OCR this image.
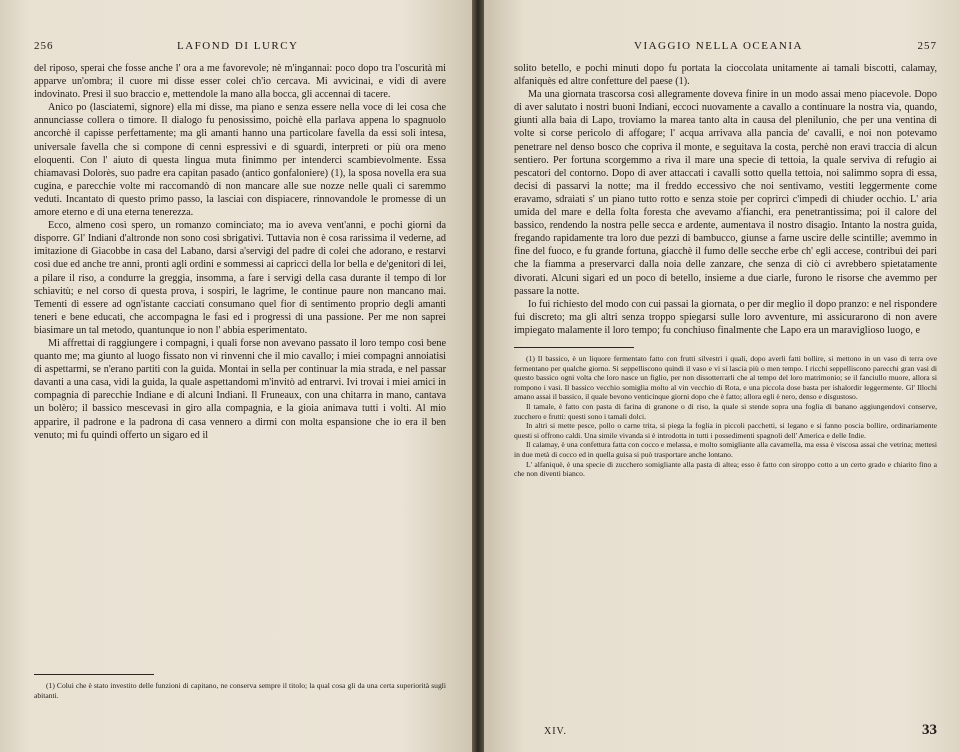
256	LAFOND DI LURCY

del riposo, sperai che fosse anche l' ora a me favorevole; nè m'ingannai: poco dopo tra l'oscurità mi apparve un'ombra; il cuore mi disse esser colei ch'io cercava. Mi avvicinai, e vidi di avere indovinato. Presi il suo braccio e, mettendole la mano alla bocca, gli accennai di tacere.

Anico po (lasciatemi, signore) ella mi disse, ma piano e senza essere nella voce di lei cosa che annunciasse collera o timore. Il dialogo fu penosissimo, poichè ella parlava appena lo spagnuolo ancorchè il capisse perfettamente; ma gli amanti hanno una particolare favella da essi soli intesa, universale favella che si compone di cenni espressivi e di sguardi, interpreti or più ora meno eloquenti. Con l' aiuto di questa lingua muta finimmo per intenderci scambievolmente. Essa chiamavasi Dolorès, suo padre era capitan pasado (antico gonfaloniere) (1), la sposa novella era sua cugina, e parecchie volte mi raccomandò di non mancare alle sue nozze nelle quali ci saremmo veduti. Incantato di questo primo passo, la lasciai con dispiacere, rinnovandole le promesse di un amore eterno e di una eterna tenerezza.

Ecco, almeno così spero, un romanzo cominciato; ma io aveva vent'anni, e pochi giorni da disporre. Gl' Indiani d'altronde non sono così sbrigativi. Tuttavia non è cosa rarissima il vederne, ad imitazione di Giacobbe in casa del Labano, darsi a'servigi del padre di colei che adorano, e restarvi così due ed anche tre anni, pronti agli ordini e sommessi ai capricci della lor bella e de'genitori di lei, a pilare il riso, a condurre la greggia, insomma, a fare i servigi della casa durante il tempo di lor schiavitù; e nel corso di questa prova, i sospiri, le lagrime, le continue paure non mancano mai. Tementi di essere ad ogn'istante cacciati consumano quel fior di sentimento proprio degli amanti teneri e bene educati, che accompagna le fasi ed i progressi di una passione. Per me non saprei biasimare un tal metodo, quantunque io non l' abbia esperimentato.

Mi affrettai di raggiungere i compagni, i quali forse non avevano passato il loro tempo così bene quanto me; ma giunto al luogo fissato non vi rinvenni che il mio cavallo; i miei compagni annoiatisi di aspettarmi, se n'erano partiti con la guida. Montai in sella per continuar la mia strada, e nel passar davanti a una casa, vidi la guida, la quale aspettandomi m'invitò ad entrarvi. Ivi trovai i miei amici in compagnia di parecchie Indiane e di alcuni Indiani. Il Fruneaux, con una chitarra in mano, cantava un bolèro; il bassico mescevasi in giro alla compagnia, e la gioia animava tutti i volti. Al mio apparire, il padrone e la padrona di casa vennero a dirmi con molta espansione che io era il ben venuto; mi fu quindi offerto un sigaro ed il

(1) Colui che è stato investito delle funzioni di capitano, ne conserva sempre il titolo; la qual cosa gli da una certa superiorità sugli abitanti.

VIAGGIO NELLA OCEANIA	257

solito betello, e pochi minuti dopo fu portata la cioccolata unitamente ai tamali biscotti, calamay, alfaniquès ed altre confetture del paese (1).

Ma una giornata trascorsa così allegramente doveva finire in un modo assai meno piacevole. Dopo di aver salutato i nostri buoni Indiani, eccoci nuovamente a cavallo a continuare la nostra via, quando, giunti alla baia di Lapo, troviamo la marea tanto alta in causa del plenilunio, che per una ventina di volte si corse pericolo di affogare; l' acqua arrivava alla pancia de' cavalli, e noi non potevamo penetrare nel denso bosco che copriva il monte, e seguitava la costa, perchè non eravi traccia di alcun sentiero. Per fortuna scorgemmo a riva il mare una specie di tettoia, la quale serviva di refugio ai pescatori del contorno. Dopo di aver attaccati i cavalli sotto quella tettoia, noi salimmo sopra di essa, decisi di passarvi la notte; ma il freddo eccessivo che noi sentivamo, vestiti leggermente come eravamo, sdraiati s' un piano tutto rotto e senza stoie per coprirci c'impedì di chiuder occhio. L' aria umida del mare e della folta foresta che avevamo a'fianchi, era penetrantissima; poi il calore del bassico, rendendo la nostra pelle secca e ardente, aumentava il nostro disagio. Intanto la nostra guida, fregando rapidamente tra loro due pezzi di bambucco, giunse a farne uscire delle scintille; avemmo in fine del fuoco, e fu grande fortuna, giacchè il fumo delle secche erbe ch' egli accese, contribuì dei pari che la fiamma a preservarci dalla noia delle zanzare, che senza di ciò ci avrebbero spietatamente divorati. Alcuni sigari ed un poco di betello, insieme a due ciarle, furono le risorse che avemmo per passare la notte.

Io fui richiesto del modo con cui passai la giornata, o per dir meglio il dopo pranzo: e nel rispondere fui discreto; ma gli altri senza troppo spiegarsi sulle loro avventure, mi assicurarono di non avere impiegato malamente il loro tempo; fu conchiuso finalmente che Lapo era un maraviglioso luogo, e

(1) Il bassico, è un liquore fermentato fatto con frutti silvestri i quali, dopo averli fatti bollire, si mettono in un vaso di terra ove fermentano per qualche giorno. Si seppelliscono quindi il vaso e vi si lascia più o men tempo. I ricchi seppelliscono parecchi gran vasi di questo bassico ogni volta che loro nasce un figlio, per non dissotterrarli che al tempo del loro matrimonio; se il fanciullo muore, allora si rompono i vasi. Il bassico vecchio somiglia molto al vin vecchio di Rota, e una piccola dose basta per ishalordir leggermente. Gl' Illochi amano assai il bassico, il quale bevono venticinque giorni dopo che è fatto; allora egli è nero, denso e disgustoso.

Il tamale, è fatto con pasta di farina di granone o di riso, la quale si stende sopra una foglia di banano aggiungendovi conserve, zucchero e frutti: questi sono i tamali dolci.

In altri si mette pesce, pollo o carne trita, si piega la foglia in piccoli pacchetti, si legano e si fanno poscia bollire, ordinariamente questi si offrono caldi. Una simile vivanda si è introdotta in tutti i possedimenti spagnoli dell' America e delle Indie.

Il calamay, è una confettura fatta con cocco e melassa, e molto somigliante alla cavamella, ma essa è viscosa assai che vetrina; mettesi in due metà di cocco ed in quella guisa si può trasportare anche lontano.

L' alfaniquè, è una specie di zucchero somigliante alla pasta di altea; esso è fatto con siroppo cotto a un certo grado e chiarito fino a che non diventi bianco.

XIV.	33
